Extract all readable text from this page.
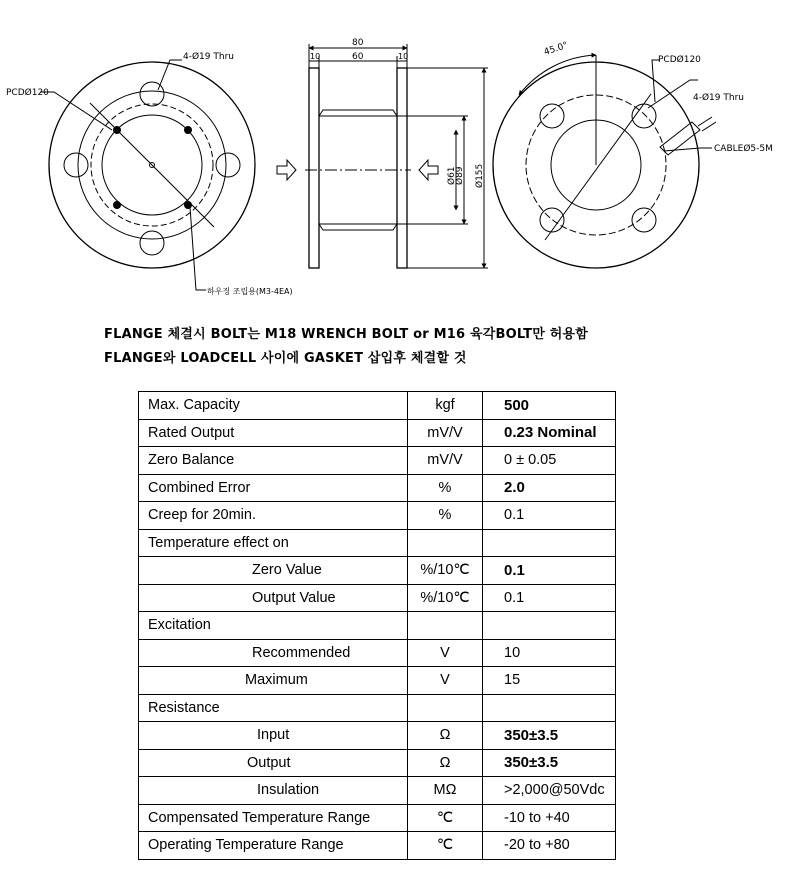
4-Ø19 Thru
PCDØ120
하우징 조립용(M3-4EA)
80
10	60	10
Ø61
Ø89 Ø155
45.0°
PCDØ120
4-Ø19 Thru
CABLEØ5-5M
FLANGE 체결시 BOLT는 M18 WRENCH BOLT or M16 육각BOLT만 허용함
FLANGE와 LOADCELL 사이에 GASKET 삽입후 체결할 것
Max. Capacity	kgf	500
Rated Output	mV/V	0.23 Nominal
Zero Balance	mV/V	0 ± 0.05
Combined Error	%	2.0
Creep for 20min.	%	0.1
Temperature effect on		
Zero Value	%/10℃	0.1
Output Value	%/10℃	0.1
Excitation		
Recommended	V	10
Maximum	V	15
Resistance		
Input	Ω	350±3.5
Output	Ω	350±3.5
Insulation	MΩ	>2,000@50Vdc
Compensated Temperature Range	℃	-10 to +40
Operating Temperature Range	℃	-20 to +80
